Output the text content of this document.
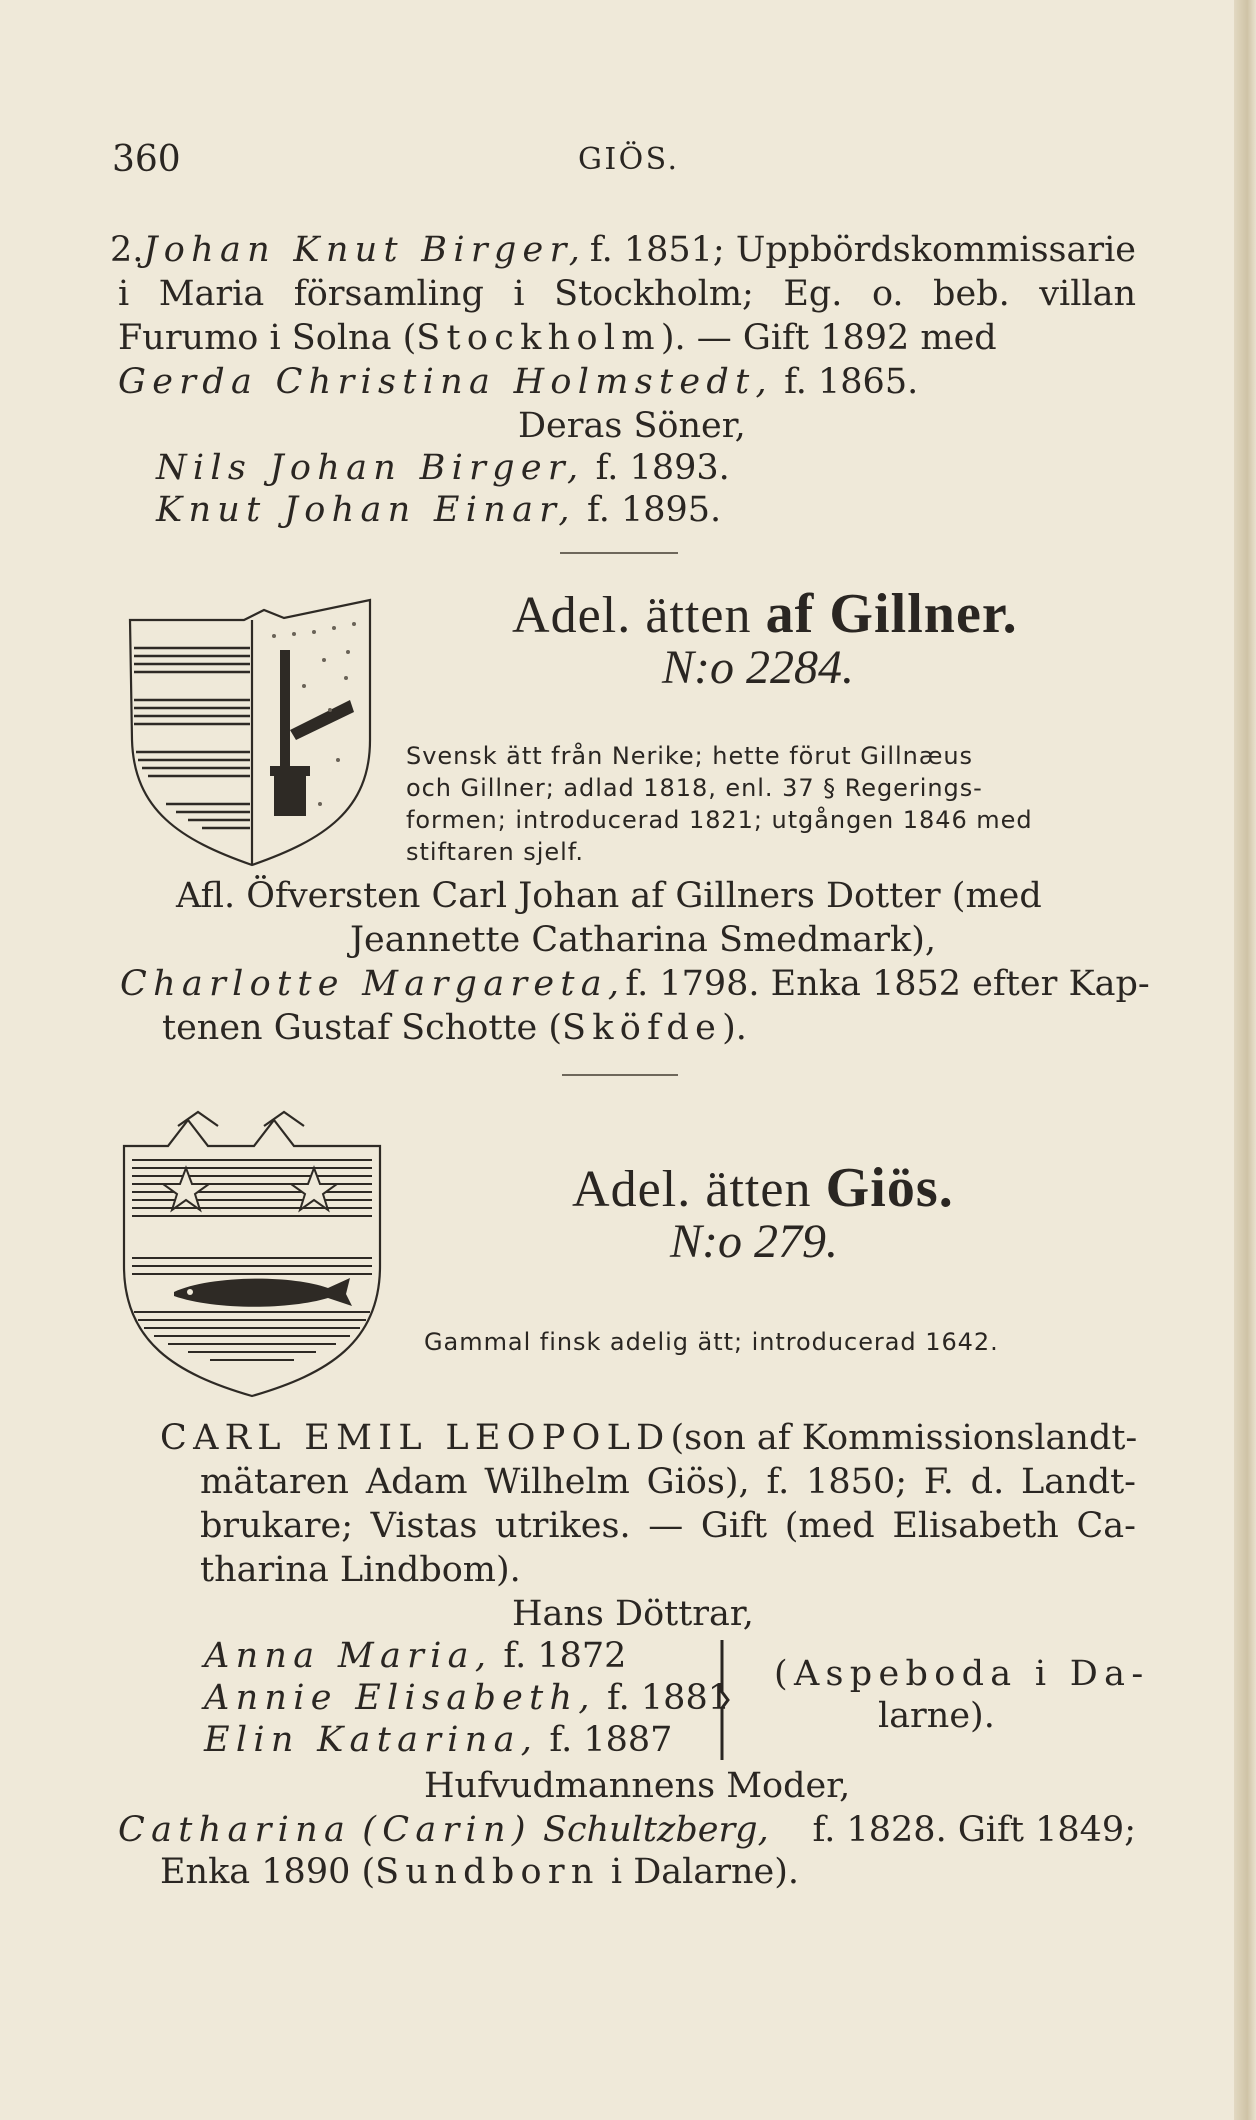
360	GIÖS.
2.Johan Knut Birger, f. 1851; Uppbördskommissarie
i Maria församling i Stockholm; Eg. o. beb. villan
Furumo i Solna (Stockholm). — Gift 1892 med
Gerda Christina Holmstedt, f. 1865.
Deras Söner,
Nils Johan Birger, f. 1893.
Knut Johan Einar, f. 1895.
Adel. ätten af Gillner.
N:o 2284.
Svensk ätt från Nerike; hette förut Gillnæus
och Gillner; adlad 1818, enl. 37 § Regerings-
formen; introducerad 1821; utgången 1846 med
stiftaren sjelf.
Afl. Öfversten Carl Johan af Gillners Dotter (med
Jeannette Catharina Smedmark),
Charlotte Margareta, f. 1798. Enka 1852 efter Kap-
tenen Gustaf Schotte (Sköfde).
Adel. ätten Giös.
N:o 279.
Gammal finsk adelig ätt; introducerad 1642.
CARL EMIL LEOPOLD (son af Kommissionslandt-
mätaren Adam Wilhelm Giös), f. 1850; F. d. Landt-
brukare; Vistas utrikes. — Gift (med Elisabeth Ca-
tharina Lindbom).
Hans Döttrar,
Anna Maria, f. 1872
Annie Elisabeth, f. 1881
Elin Katarina, f. 1887
(Aspeboda i Da-
larne).
Hufvudmannens Moder,
Catharina (Carin) Schultzberg, f. 1828. Gift 1849;
Enka 1890 (Sundborn i Dalarne).
